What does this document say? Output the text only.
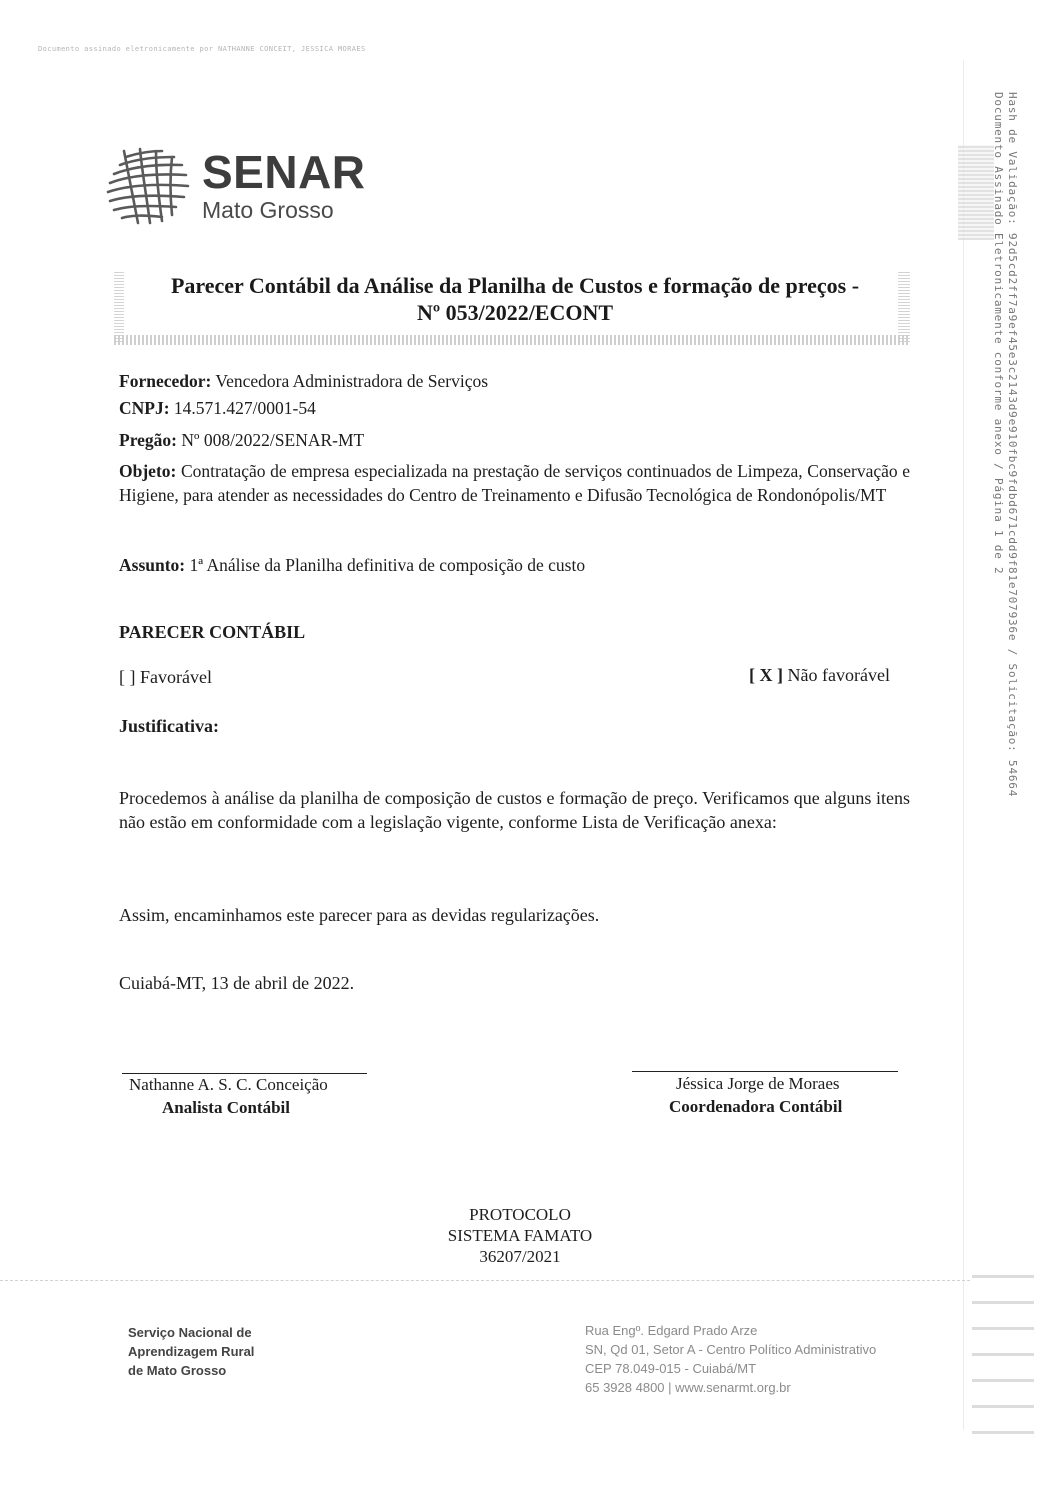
Documento assinado eletronicamente por NATHANNE CONCEIT, JESSICA MORAES
Hash de Validação: 92d5cd2ff7a9ef45e3c2143d9e910fbc9fdbd671cdd9f81e707936e / Solicitação: 54664
Documento Assinado Eletronicamente conforme anexo / Página 1 de 2
SENAR
Mato Grosso
Parecer Contábil da Análise da Planilha de Custos e formação de preços -
Nº 053/2022/ECONT
Fornecedor: Vencedora Administradora de Serviços
CNPJ: 14.571.427/0001-54
Pregão: Nº 008/2022/SENAR-MT
Objeto: Contratação de empresa especializada na prestação de serviços continuados de Limpeza, Conservação e Higiene, para atender as necessidades do Centro de Treinamento e Difusão Tecnológica de Rondonópolis/MT
Assunto: 1ª Análise da Planilha definitiva de composição de custo
PARECER CONTÁBIL
[ ] Favorável	[ X ] Não favorável
Justificativa:
Procedemos à análise da planilha de composição de custos e formação de preço. Verificamos que alguns itens não estão em conformidade com a legislação vigente, conforme Lista de Verificação anexa:
Assim, encaminhamos este parecer para as devidas regularizações.
Cuiabá-MT, 13 de abril de 2022.
Nathanne A. S. C. Conceição
Analista Contábil
Jéssica Jorge de Moraes
Coordenadora Contábil
PROTOCOLO
SISTEMA FAMATO
36207/2021
Serviço Nacional de
Aprendizagem Rural
de Mato Grosso
Rua Engº. Edgard Prado Arze
SN, Qd 01, Setor A - Centro Político Administrativo
CEP 78.049-015 - Cuiabá/MT
65 3928 4800 | www.senarmt.org.br
